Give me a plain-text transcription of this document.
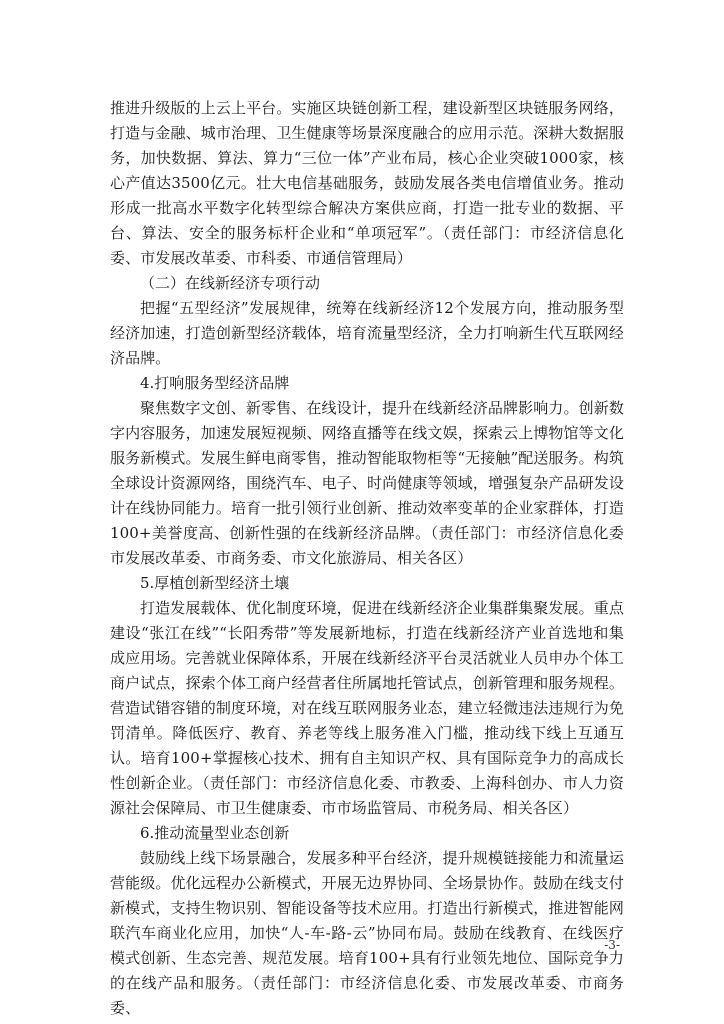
推进升级版的上云上平台。实施区块链创新工程，建设新型区块链服务网络，打造与金融、城市治理、卫生健康等场景深度融合的应用示范。深耕大数据服务，加快数据、算法、算力“三位一体”产业布局，核心企业突破1000家，核心产值达3500亿元。壮大电信基础服务，鼓励发展各类电信增值业务。推动形成一批高水平数字化转型综合解决方案供应商，打造一批专业的数据、平台、算法、安全的服务标杆企业和“单项冠军”。（责任部门：市经济信息化委、市发展改革委、市科委、市通信管理局）

（二）在线新经济专项行动

把握“五型经济”发展规律，统筹在线新经济12个发展方向，推动服务型经济加速，打造创新型经济载体，培育流量型经济，全力打响新生代互联网经济品牌。

4.打响服务型经济品牌

聚焦数字文创、新零售、在线设计，提升在线新经济品牌影响力。创新数字内容服务，加速发展短视频、网络直播等在线文娱，探索云上博物馆等文化服务新模式。发展生鲜电商零售，推动智能取物柜等“无接触”配送服务。构筑全球设计资源网络，围绕汽车、电子、时尚健康等领域，增强复杂产品研发设计在线协同能力。培育一批引领行业创新、推动效率变革的企业家群体，打造100+美誉度高、创新性强的在线新经济品牌。（责任部门：市经济信息化委市发展改革委、市商务委、市文化旅游局、相关各区）

5.厚植创新型经济土壤

打造发展载体、优化制度环境，促进在线新经济企业集群集聚发展。重点建设“张江在线”“长阳秀带”等发展新地标，打造在线新经济产业首选地和集成应用场。完善就业保障体系，开展在线新经济平台灵活就业人员申办个体工商户试点，探索个体工商户经营者住所属地托管试点，创新管理和服务规程。营造试错容错的制度环境，对在线互联网服务业态，建立轻微违法违规行为免罚清单。降低医疗、教育、养老等线上服务准入门槛，推动线下线上互通互认。培育100+掌握核心技术、拥有自主知识产权、具有国际竞争力的高成长性创新企业。（责任部门：市经济信息化委、市教委、上海科创办、市人力资源社会保障局、市卫生健康委、市市场监管局、市税务局、相关各区）

6.推动流量型业态创新

鼓励线上线下场景融合，发展多种平台经济，提升规模链接能力和流量运营能级。优化远程办公新模式，开展无边界协同、全场景协作。鼓励在线支付新模式，支持生物识别、智能设备等技术应用。打造出行新模式，推进智能网联汽车商业化应用，加快“人-车-路-云”协同布局。鼓励在线教育、在线医疗模式创新、生态完善、规范发展。培育100+具有行业领先地位、国际竞争力的在线产品和服务。（责任部门：市经济信息化委、市发展改革委、市商务委、

-3-
